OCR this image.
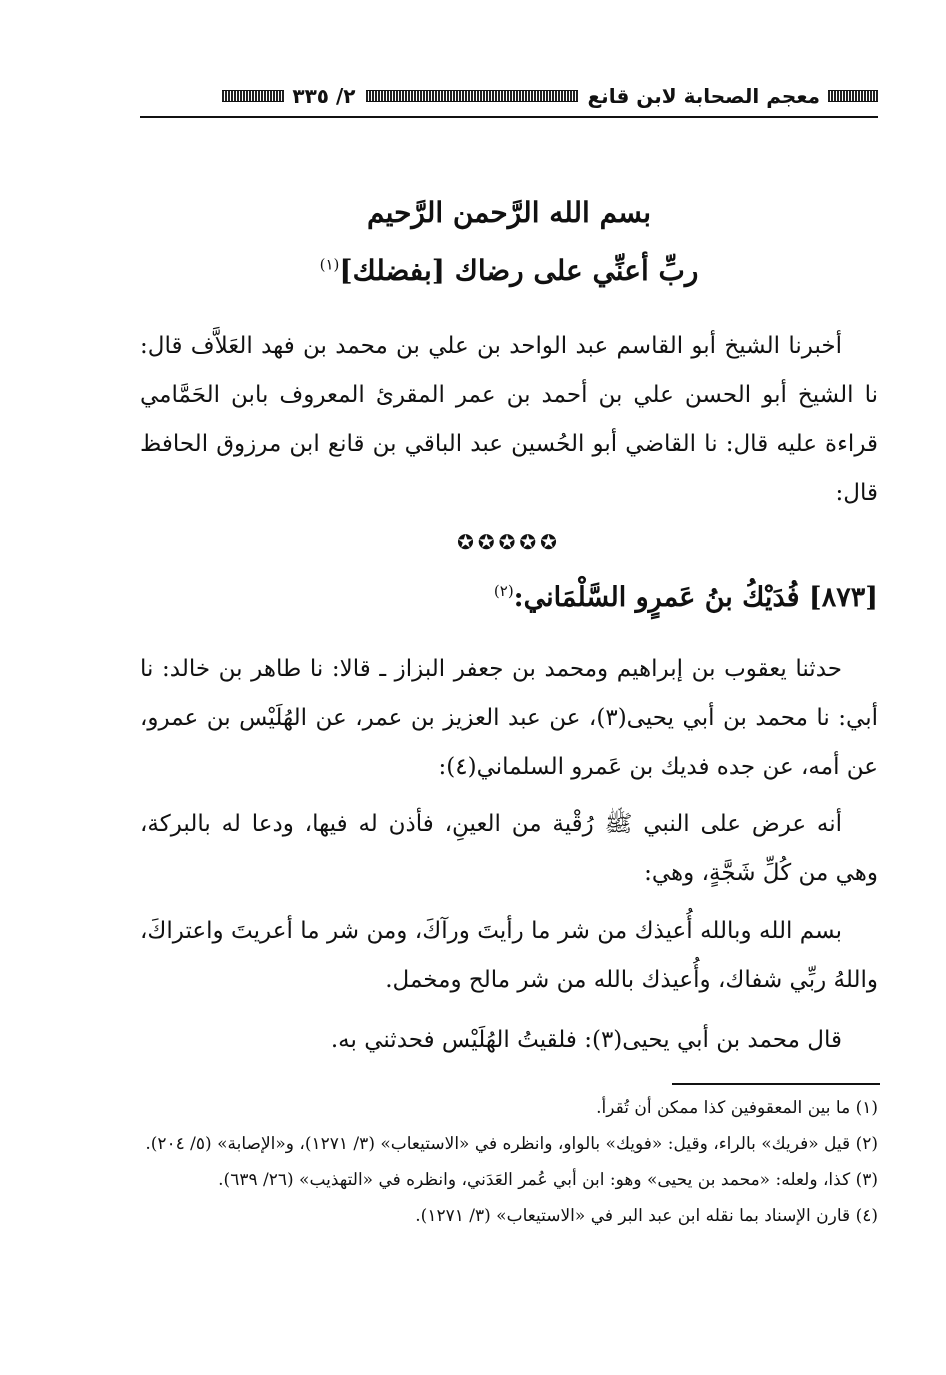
معجم الصحابة لابن قانع
٢/ ٣٣٥
بسم الله الرَّحمن الرَّحيم
ربِّ أعنِّي على رضاك [بفضلك]$^{(١)}$

أخبرنا الشيخ أبو القاسم عبد الواحد بن علي بن محمد بن فهد العَلاَّف قال: نا الشيخ أبو الحسن علي بن أحمد بن عمر المقرئ المعروف بابن الحَمَّامي قراءة عليه قال: نا القاضي أبو الحُسين عبد الباقي بن قانع ابن مرزوق الحافظ قال:

✪✪✪✪✪
[٨٧٣] فُدَيْكُ بنُ عَمرٍو السَّلْمَاني:$^{(٢)}$

حدثنا يعقوب بن إبراهيم ومحمد بن جعفر البزاز ـ قالا: نا طاهر بن خالد: نا أبي: نا محمد بن أبي يحيى(٣)، عن عبد العزيز بن عمر، عن الهُلَيْس بن عمرو، عن أمه، عن جده فديك بن عَمرو السلماني(٤):

أنه عرض على النبي ﷺ رُقْية من العينِ، فأذن له فيها، ودعا له بالبركة، وهي من كُلِّ شَجَّةٍ، وهي:

بسم الله وبالله أُعيذك من شر ما رأيتَ ورآكَ، ومن شر ما أعريتَ واعتراكَ، واللهُ ربِّي شفاك، وأُعيذك بالله من شر مالح ومخمل.

قال محمد بن أبي يحيى(٣): فلقيتُ الهُلَيْس فحدثني به.

(١) ما بين المعقوفين كذا ممكن أن تُقرأ.

(٢) قيل «فريك» بالراء، وقيل: «فويك» بالواو، وانظره في «الاستيعاب» (٣/ ١٢٧١)، و«الإصابة» (٥/ ٢٠٤).

(٣) كذا، ولعله: «محمد بن يحيى» وهو: ابن أبي عُمر العَدَني، وانظره في «التهذيب» (٢٦/ ٦٣٩).

(٤) قارن الإسناد بما نقله ابن عبد البر في «الاستيعاب» (٣/ ١٢٧١).
